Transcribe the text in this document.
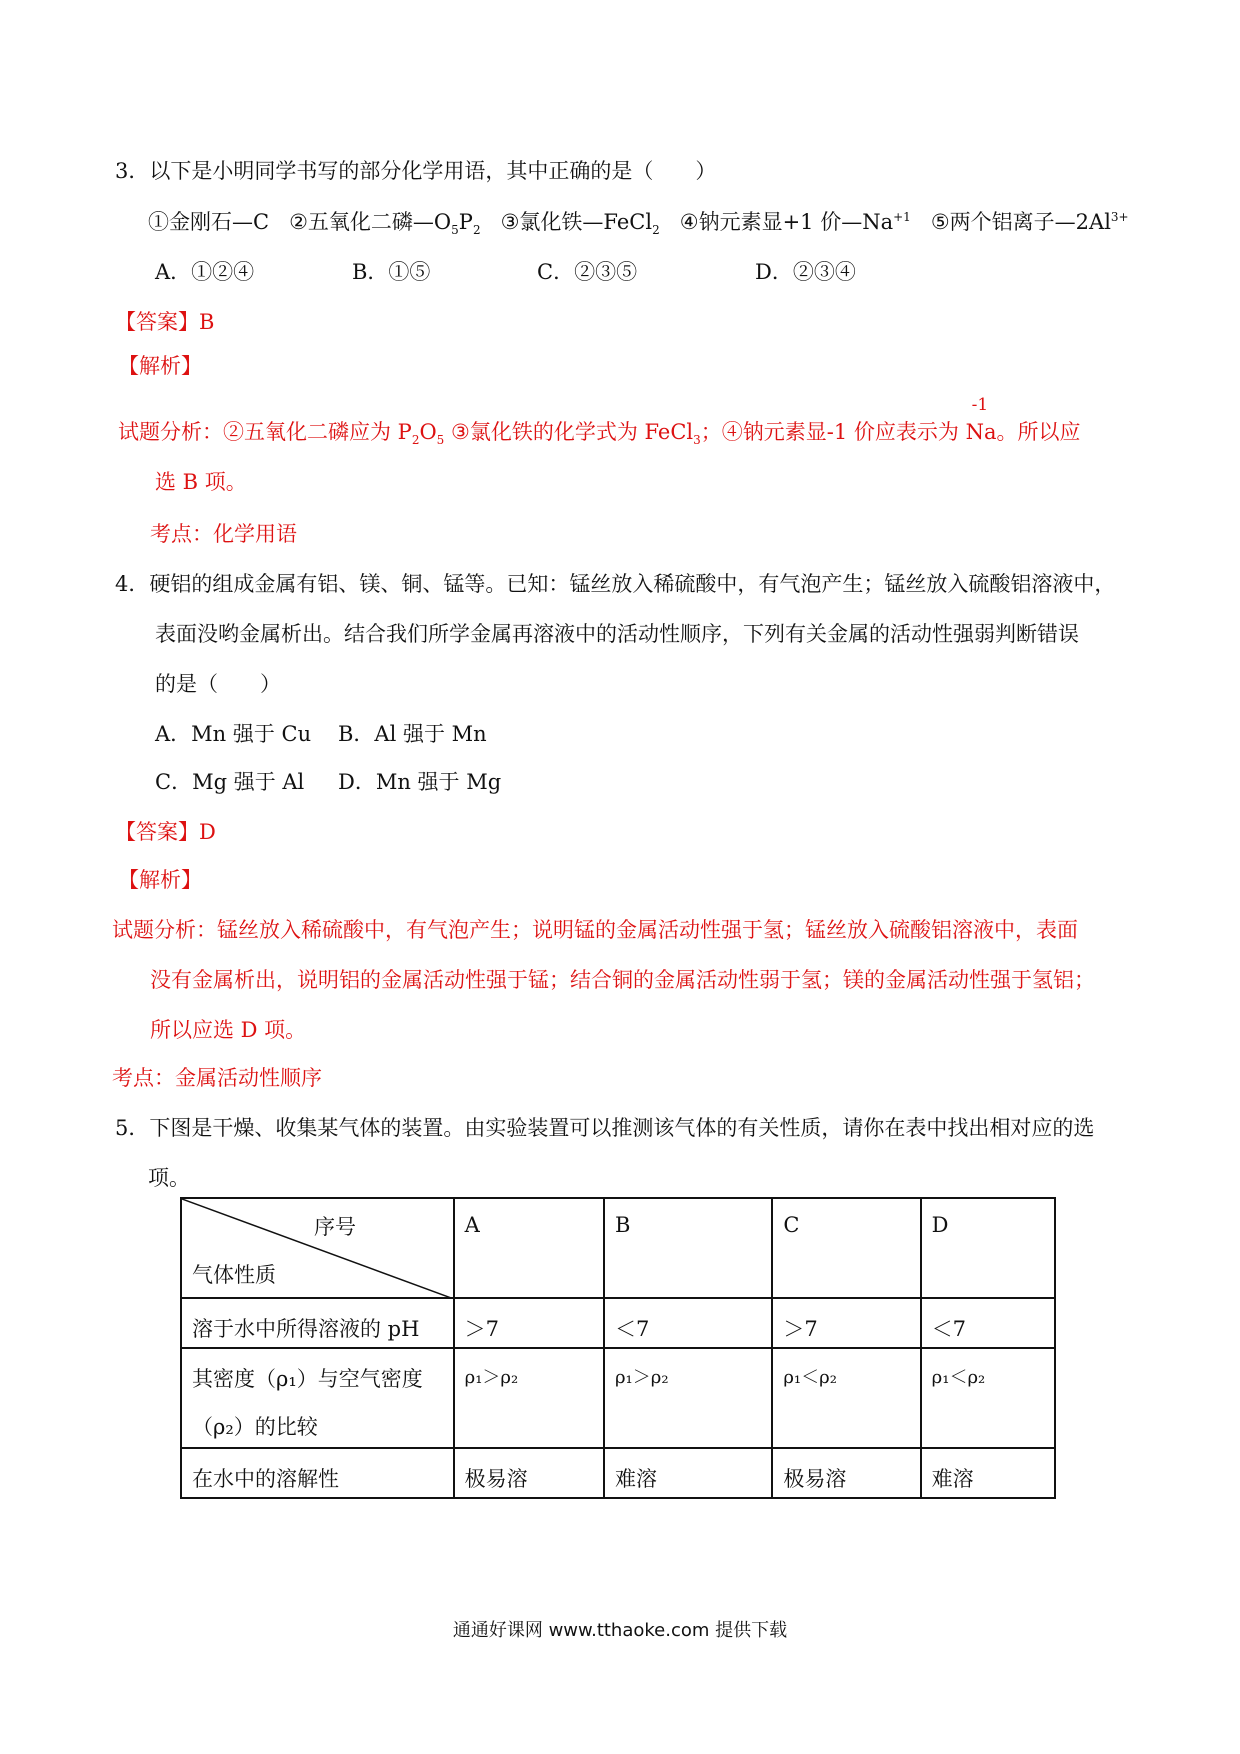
3．以下是小明同学书写的部分化学用语，其中正确的是（　　）
①金刚石—C ②五氧化二磷$—O_5P_2$ ③氯化铁—FeCl$_2$ ④钠元素显+1 价$—Na^{+1}$ ⑤两个铝离子$—2Al^{3+}$
A．①②④	B．①⑤	C．②③⑤	D．②③④
【答案】B
【解析】
试题分析：②五氧化二磷应为 $P_2O_5$ ③氯化铁的化学式为 FeCl$_3$；④钠元素显-1 价应表示为
-1
Na。所以应
选 B 项。
考点：化学用语
4．硬铝的组成金属有铝、镁、铜、锰等。已知：锰丝放入稀硫酸中，有气泡产生；锰丝放入硫酸铝溶液中，
表面没哟金属析出。结合我们所学金属再溶液中的活动性顺序，下列有关金属的活动性强弱判断错误
的是（　　）
A．Mn 强于 Cu B．Al 强于 Mn
C．Mg 强于 Al D．Mn 强于 Mg
【答案】D
【解析】
试题分析：锰丝放入稀硫酸中，有气泡产生；说明锰的金属活动性强于氢；锰丝放入硫酸铝溶液中，表面
没有金属析出，说明铝的金属活动性强于锰；结合铜的金属活动性弱于氢；镁的金属活动性强于氢铝；
所以应选 D 项。
考点：金属活动性顺序
5．下图是干燥、收集某气体的装置。由实验装置可以推测该气体的有关性质，请你在表中找出相对应的选
项。
序号
气体性质	A	B	C	D
溶于水中所得溶液的 pH	＞7	＜7	＞7	＜7

其密度（ρ₁）与空气密度
（ρ₂）的比较	ρ₁＞ρ₂	ρ₁＞ρ₂	ρ₁＜ρ₂	ρ₁＜ρ₂
在水中的溶解性	极易溶	难溶	极易溶	难溶
通通好课网 www.tthaoke.com 提供下载
